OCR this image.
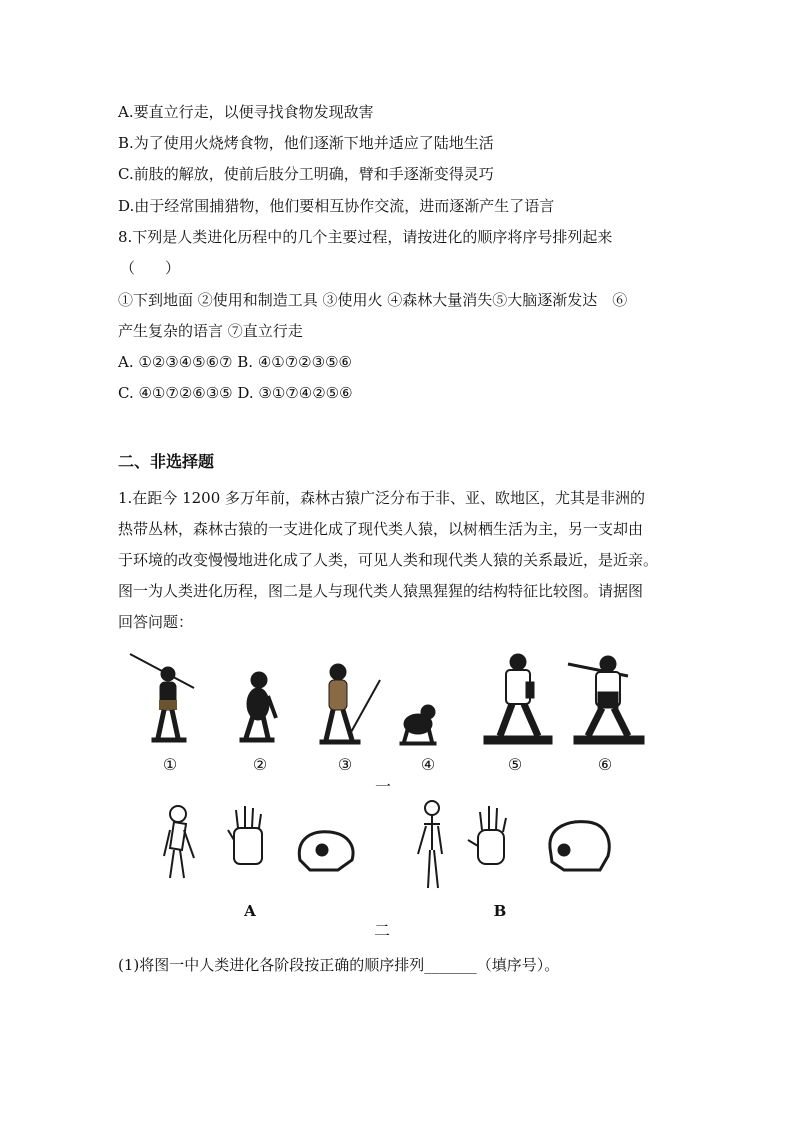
A.要直立行走，以便寻找食物发现敌害
B.为了使用火烧烤食物，他们逐渐下地并适应了陆地生活
C.前肢的解放，使前后肢分工明确，臂和手逐渐变得灵巧
D.由于经常围捕猎物，他们要相互协作交流，进而逐渐产生了语言
8.下列是人类进化历程中的几个主要过程，请按进化的顺序将序号排列起来
（　　）
①下到地面 ②使用和制造工具 ③使用火 ④森林大量消失⑤大脑逐渐发达　⑥
产生复杂的语言 ⑦直立行走
A. ①②③④⑤⑥⑦ B. ④①⑦②③⑤⑥
C. ④①⑦②⑥③⑤ D. ③①⑦④②⑤⑥
二、非选择题
1.在距今 1200 多万年前，森林古猿广泛分布于非、亚、欧地区，尤其是非洲的
热带丛林，森林古猿的一支进化成了现代类人猿，以树栖生活为主，另一支却由
于环境的改变慢慢地进化成了人类，可见人类和现代类人猿的关系最近，是近亲。
图一为人类进化历程，图二是人与现代类人猿黑猩猩的结构特征比较图。请据图
回答问题：
①	②	③	④	⑤	⑥
一
A	B
二
(1)将图一中人类进化各阶段按正确的顺序排列_______（填序号）。
